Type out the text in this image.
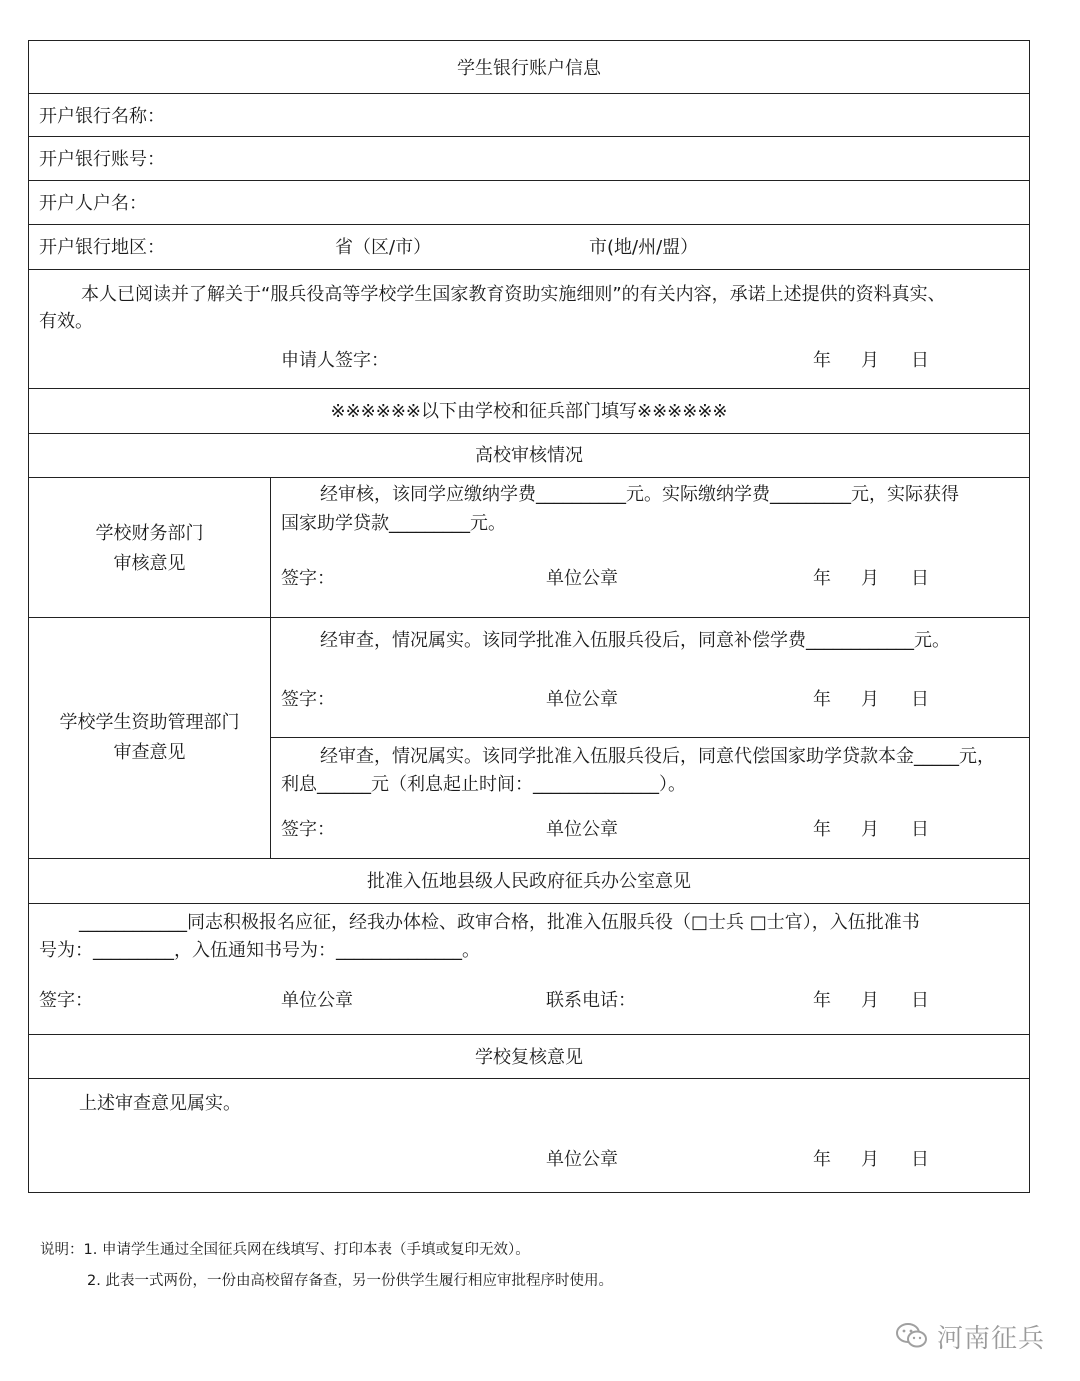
学生银行账户信息
开户银行名称：
开户银行账号：
开户人户名：
开户银行地区：	省（区/市）	市(地/州/盟）
本人已阅读并了解关于“服兵役高等学校学生国家教育资助实施细则”的有关内容，承诺上述提供的资料真实、
有效。
申请人签字：	年 月 日
※※※※※※以下由学校和征兵部门填写※※※※※※
高校审核情况
学校财务部门
审核意见
经审核，该同学应缴纳学费__________元。实际缴纳学费_________元，实际获得
国家助学贷款_________元。
签字：	单位公章	年 月 日
学校学生资助管理部门
审查意见
经审查，情况属实。该同学批准入伍服兵役后，同意补偿学费____________元。
签字：	单位公章	年 月 日
经审查，情况属实。该同学批准入伍服兵役后，同意代偿国家助学贷款本金_____元，
利息______元（利息起止时间：______________）。
签字：	单位公章	年 月 日
批准入伍地县级人民政府征兵办公室意见
____________同志积极报名应征，经我办体检、政审合格，批准入伍服兵役（□士兵 □士官），入伍批准书
号为：_________，入伍通知书号为：______________。
签字：	单位公章	联系电话：	年 月 日
学校复核意见
上述审查意见属实。
单位公章	年 月 日
说明：1. 申请学生通过全国征兵网在线填写、打印本表（手填或复印无效）。
2. 此表一式两份，一份由高校留存备查，另一份供学生履行相应审批程序时使用。
河南征兵
